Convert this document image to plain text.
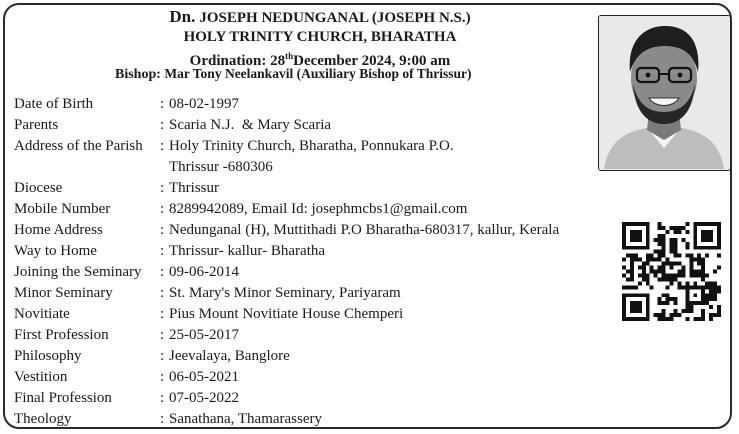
Dn. JOSEPH NEDUNGANAL (JOSEPH N.S.)
HOLY TRINITY CHURCH, BHARATHA
Ordination: 28thDecember 2024, 9:00 am
Bishop: Mar Tony Neelankavil (Auxiliary Bishop of Thrissur)
Date of Birth	: 08-02-1997
Parents	: Scaria N.J.  & Mary Scaria
Address of the Parish	: Holy Trinity Church, Bharatha, Ponnukara P.O.
Thrissur -680306
Diocese	: Thrissur
Mobile Number	: 8289942089, Email Id: josephmcbs1@gmail.com
Home Address	: Nedunganal (H), Muttithadi P.O Bharatha-680317, kallur, Kerala
Way to Home	: Thrissur- kallur- Bharatha
Joining the Seminary	: 09-06-2014
Minor Seminary	: St. Mary's Minor Seminary, Pariyaram
Novitiate	: Pius Mount Novitiate House Chemperi
First Profession	: 25-05-2017
Philosophy	: Jeevalaya, Banglore
Vestition	: 06-05-2021
Final Profession	: 07-05-2022
Theology	: Sanathana, Thamarassery
